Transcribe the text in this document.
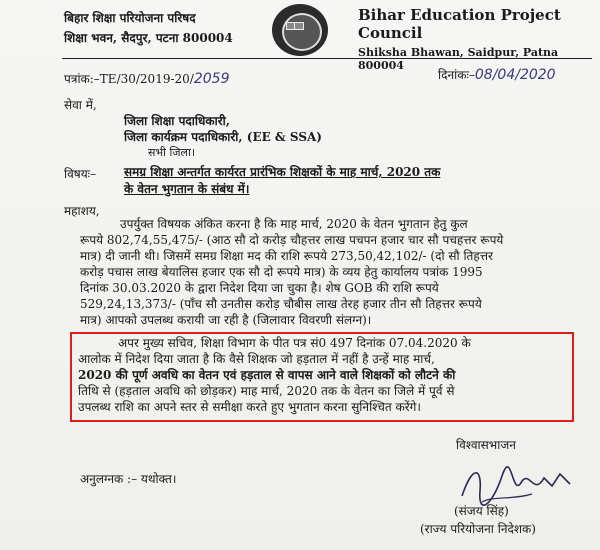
बिहार शिक्षा परियोजना परिषद
शिक्षा भवन, सैदपुर, पटना 800004
Bihar Education Project Council
Shiksha Bhawan, Saidpur, Patna 800004
पत्रांक:–TE/30/2019-20/2059	दिनांकः–08/04/2020
सेवा में,
जिला शिक्षा पदाधिकारी,
जिला कार्यक्रम पदाधिकारी, (EE & SSA)
सभी जिला।
विषयः– समग्र शिक्षा अन्तर्गत कार्यरत प्रारंभिक शिक्षकों के माह मार्च, 2020 तक
के वेतन भुगतान के संबंध में।
महाशय,
उपर्युक्त विषयक अंकित करना है कि माह मार्च, 2020 के वेतन भुगतान हेतु कुल
रूपये 802,74,55,475/- (आठ सौ दो करोड़ चौहत्तर लाख पचपन हजार चार सौ पचहत्तर रूपये
मात्र) दी जानी थी। जिसमें समग्र शिक्षा मद की राशि रूपये 273,50,42,102/- (दो सौ तिहत्तर
करोड़ पचास लाख बेयालिस हजार एक सौ दो रूपये मात्र) के व्यय हेतु कार्यालय पत्रांक 1995
दिनांक 30.03.2020 के द्वारा निदेश दिया जा चुका है। शेष GOB की राशि रूपये
529,24,13,373/- (पाँच सौ उनतीस करोड़ चौबीस लाख तेरह हजार तीन सौ तिहत्तर रूपये
मात्र) आपको उपलब्ध करायी जा रही है (जिलावार विवरणी संलग्न)।
अपर मुख्य सचिव, शिक्षा विभाग के पीत पत्र सं0 497 दिनांक 07.04.2020 के
आलोक में निदेश दिया जाता है कि वैसे शिक्षक जो हड़ताल में नहीं है उन्हें माह मार्च,
2020 की पूर्ण अवधि का वेतन एवं हड़ताल से वापस आने वाले शिक्षकों को लौटने की
तिथि से (हड़ताल अवधि को छोड़कर) माह मार्च, 2020 तक के वेतन का जिले में पूर्व से
उपलब्ध राशि का अपने स्तर से समीक्षा करते हुए भुगतान करना सुनिश्चित करेंगे।
विश्वासभाजन
अनुलग्नक :– यथोक्त।
(संजय सिंह)
(राज्य परियोजना निदेशक)
